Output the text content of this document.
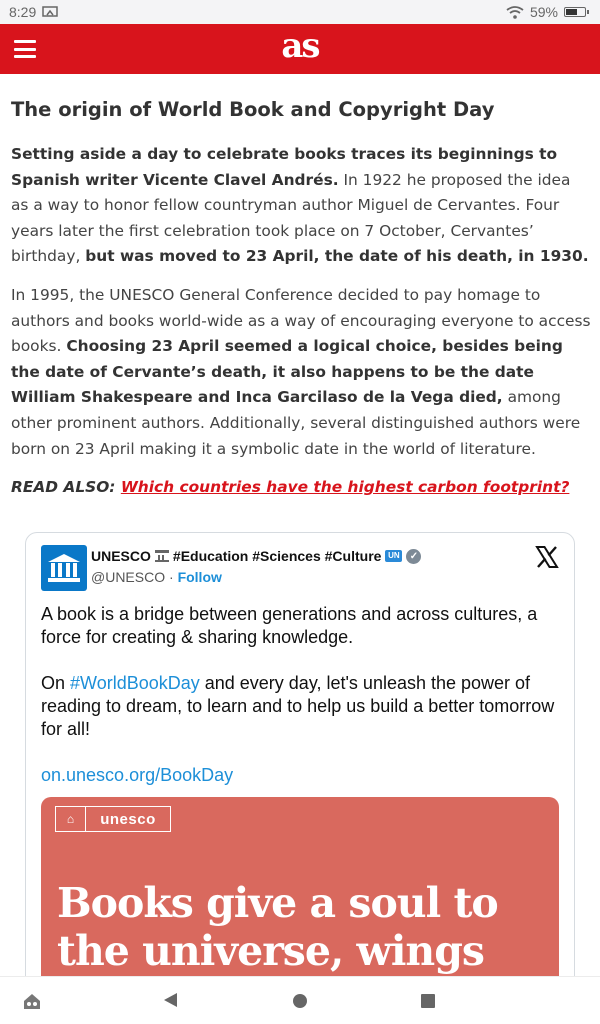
8:29	59%
as
The origin of World Book and Copyright Day

Setting aside a day to celebrate books traces its beginnings to Spanish writer Vicente Clavel Andrés. In 1922 he proposed the idea as a way to honor fellow countryman author Miguel de Cervantes. Four years later the first celebration took place on 7 October, Cervantes’ birthday, but was moved to 23 April, the date of his death, in 1930.

In 1995, the UNESCO General Conference decided to pay homage to authors and books world-wide as a way of encouraging everyone to access books. Choosing 23 April seemed a logical choice, besides being the date of Cervante’s death, it also happens to be the date William Shakespeare and Inca Garcilaso de la Vega died, among other prominent authors. Additionally, several distinguished authors were born on 23 April making it a symbolic date in the world of literature.

READ ALSO: Which countries have the highest carbon footprint?

UNESCO #Education #Sciences #Culture UN	✓
@UNESCO · Follow

A book is a bridge between generations and across cultures, a force for creating & sharing knowledge.

On #WorldBookDay and every day, let's unleash the power of reading to dream, to learn and to help us build a better tomorrow for all!

on.unesco.org/BookDay

⌂	unesco
Books give a soul to the universe, wings
